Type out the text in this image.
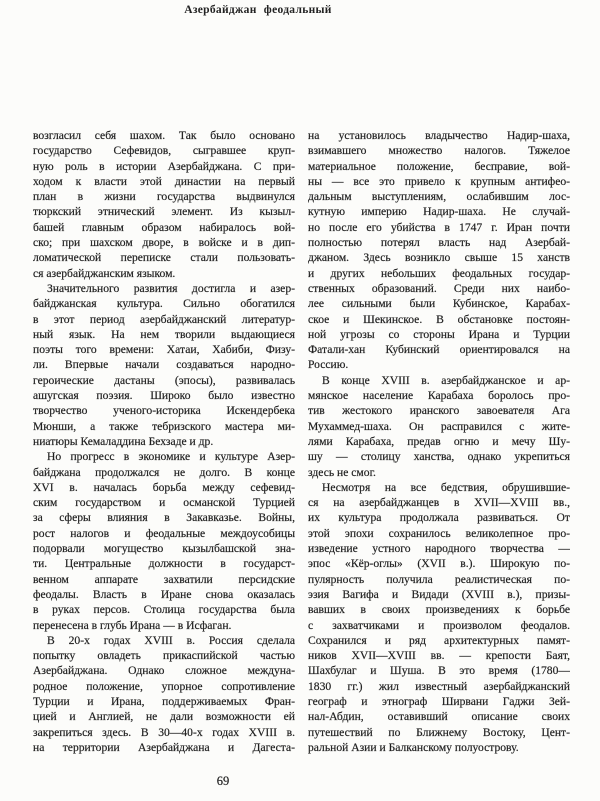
Азербайджан феодальный

возгласил себя шахом. Так было основано
государство Сефевидов, сыгравшее круп-
ную роль в истории Азербайджана. С при-
ходом к власти этой династии на первый
план в жизни государства выдвинулся
тюркский этнический элемент. Из кызыл-
башей главным образом набиралось вой-
ско; при шахском дворе, в войске и в дип-
ломатической переписке стали пользовать-
ся азербайджанским языком.

Значительного развития достигла и азер-
байджанская культура. Сильно обогатился
в этот период азербайджанский литератур-
ный язык. На нем творили выдающиеся
поэты того времени: Хатаи, Хабиби, Физу-
ли. Впервые начали создаваться народно-
героические дастаны (эпосы), развивалась
ашугская поэзия. Широко было известно
творчество ученого-историка Искендербека
Мюнши, а также тебризского мастера ми-
ниатюры Кемаладдина Бехзаде и др.

Но прогресс в экономике и культуре Азер-
байджана продолжался не долго. В конце
XVI в. началась борьба между сефевид-
ским государством и османской Турцией
за сферы влияния в Закавказье. Войны,
рост налогов и феодальные междоусобицы
подорвали могущество кызылбашской зна-
ти. Центральные должности в государст-
венном аппарате захватили персидские
феодалы. Власть в Иране снова оказалась
в руках персов. Столица государства была
перенесена в глубь Ирана — в Исфаган.

В 20-х годах XVIII в. Россия сделала
попытку овладеть прикаспийской частью
Азербайджана. Однако сложное междуна-
родное положение, упорное сопротивление
Турции и Ирана, поддерживаемых Фран-
цией и Англией, не дали возможности ей
закрепиться здесь. В 30—40-х годах XVIII в.
на территории Азербайджана и Дагеста-

на установилось владычество Надир-шаха,
взимавшего множество налогов. Тяжелое
материальное положение, бесправие, вой-
ны — все это привело к крупным антифео-
дальным выступлениям, ослабившим лос-
кутную империю Надир-шаха. Не случай-
но после его убийства в 1747 г. Иран почти
полностью потерял власть над Азербай-
джаном. Здесь возникло свыше 15 ханств
и других небольших феодальных государ-
ственных образований. Среди них наибо-
лее сильными были Кубинское, Карабах-
ское и Шекинское. В обстановке постоян-
ной угрозы со стороны Ирана и Турции
Фатали-хан Кубинский ориентировался на
Россию.

В конце XVIII в. азербайджанское и ар-
мянское население Карабаха боролось про-
тив жестокого иранского завоевателя Ага
Мухаммед-шаха. Он расправился с жите-
лями Карабаха, предав огню и мечу Шу-
шу — столицу ханства, однако укрепиться
здесь не смог.

Несмотря на все бедствия, обрушившие-
ся на азербайджанцев в XVII—XVIII вв.,
их культура продолжала развиваться. От
этой эпохи сохранилось великолепное про-
изведение устного народного творчества —
эпос «Кёр-оглы» (XVII в.). Широкую по-
пулярность получила реалистическая по-
эзия Вагифа и Видади (XVIII в.), призы-
вавших в своих произведениях к борьбе
с захватчиками и произволом феодалов.
Сохранился и ряд архитектурных памят-
ников XVII—XVIII вв. — крепости Баят,
Шахбулаг и Шуша. В это время (1780—
1830 гг.) жил известный азербайджанский
географ и этнограф Ширвани Гаджи Зей-
нал-Абдин, оставивший описание своих
путешествий по Ближнему Востоку, Цент-
ральной Азии и Балканскому полуострову.

69
